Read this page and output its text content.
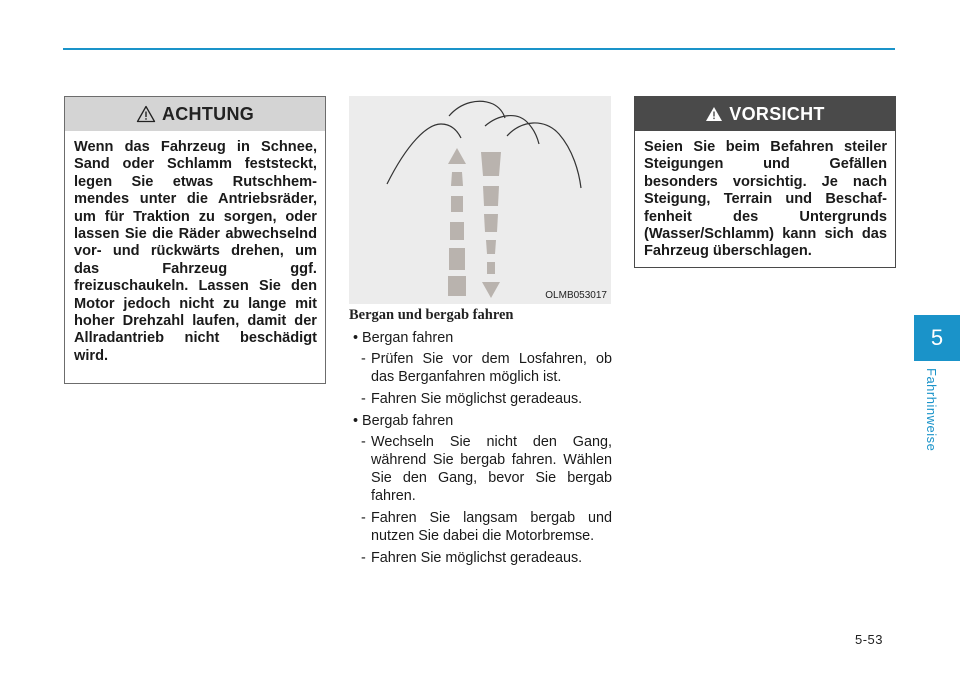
ACHTUNG
Wenn das Fahrzeug in Schnee, Sand oder Schlamm feststeckt, legen Sie etwas Rutschhemmendes unter die Antriebsräder, um für Traktion zu sorgen, oder lassen Sie die Räder abwechselnd vor- und rückwärts drehen, um das Fahrzeug ggf. freizuschaukeln. Lassen Sie den Motor jedoch nicht zu lange mit hoher Drehzahl laufen, damit der Allradantrieb nicht beschädigt wird.
OLMB053017
Bergan und bergab fahren
• Bergan fahren
- Prüfen Sie vor dem Losfahren, ob das Berganfahren möglich ist.
- Fahren Sie möglichst geradeaus.
• Bergab fahren
- Wechseln Sie nicht den Gang, während Sie bergab fahren. Wählen Sie den Gang, bevor Sie bergab fahren.
- Fahren Sie langsam bergab und nutzen Sie dabei die Motorbremse.
- Fahren Sie möglichst geradeaus.
VORSICHT
Seien Sie beim Befahren steiler Steigungen und Gefällen besonders vorsichtig. Je nach Steigung, Terrain und Beschaffenheit des Untergrunds (Wasser/Schlamm) kann sich das Fahrzeug überschlagen.
5
Fahrhinweise
5-53
